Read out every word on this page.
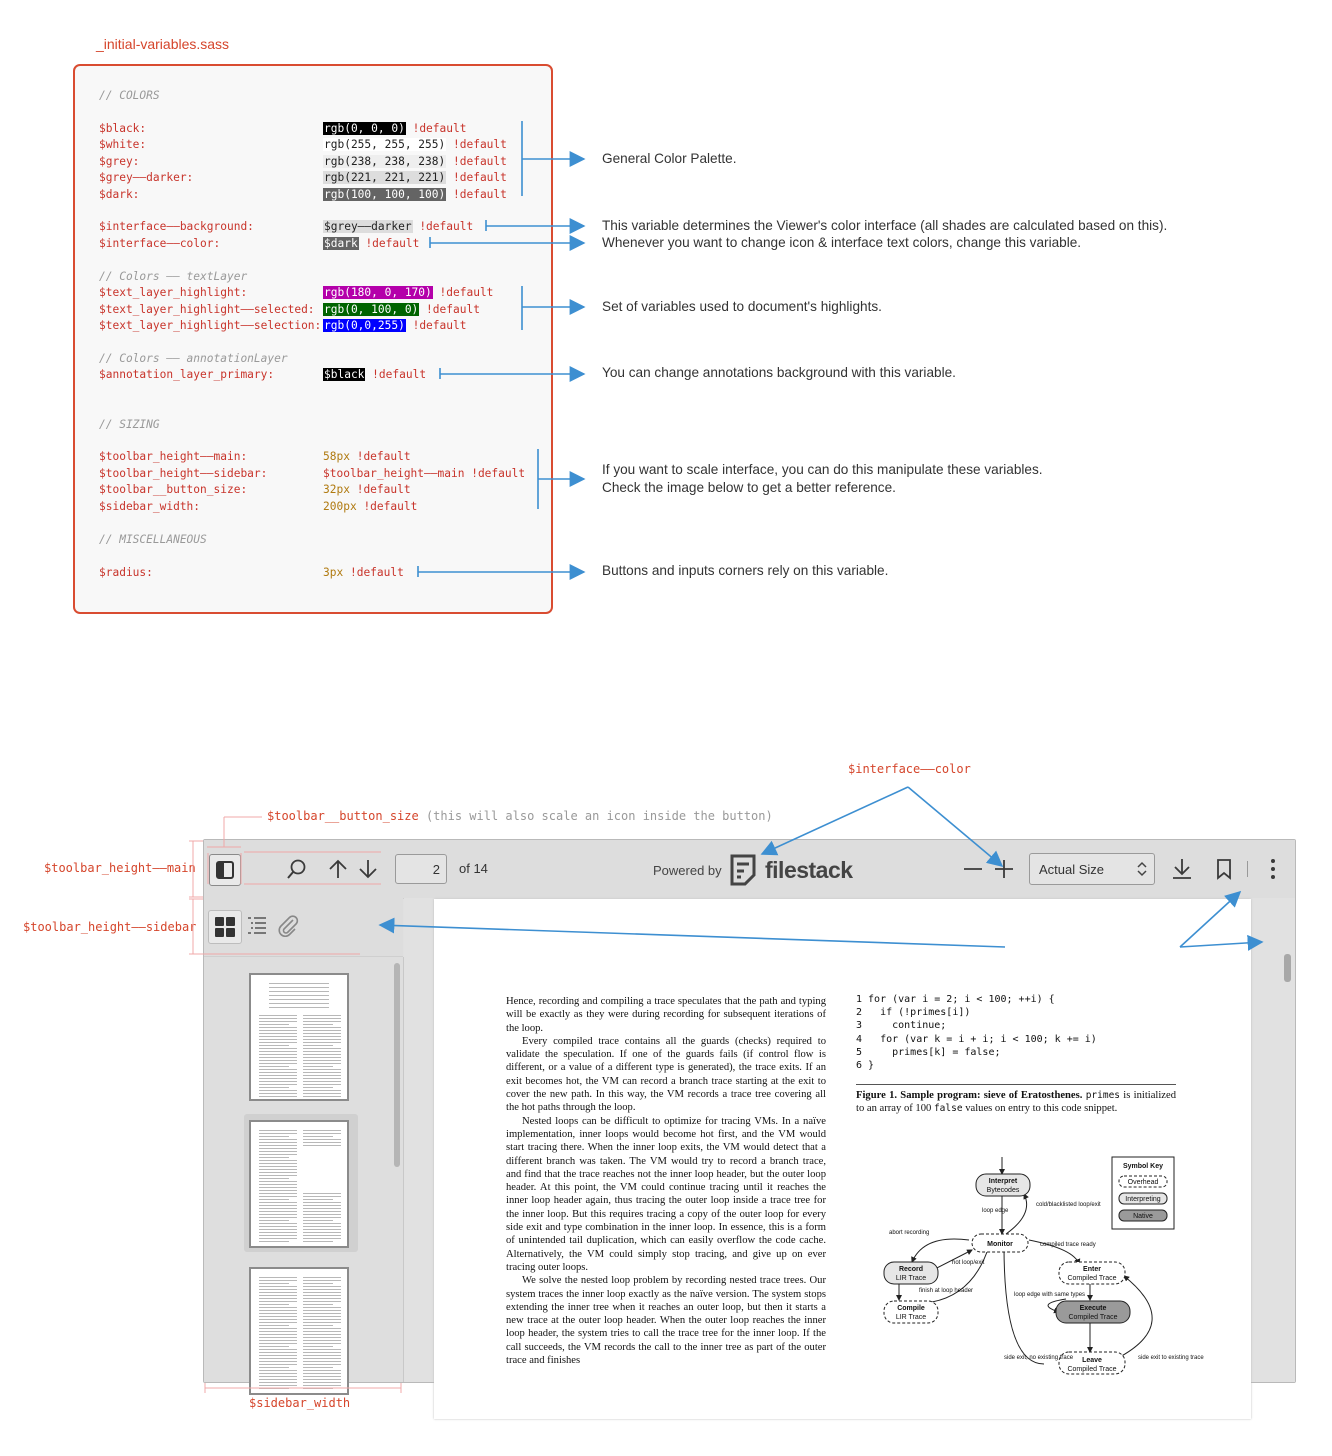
_initial-variables.sass
// COLORS
$black:	rgb(0, 0, 0) !default
$white:	rgb(255, 255, 255) !default
$grey:	rgb(238, 238, 238) !default
$grey––darker:	rgb(221, 221, 221) !default
$dark:	rgb(100, 100, 100) !default
$interface––background:	$grey––darker !default
$interface––color:	$dark !default
// Colors –– textLayer
$text_layer_highlight:	rgb(180, 0, 170) !default
$text_layer_highlight––selected: rgb(0, 100, 0) !default
$text_layer_highlight––selection: rgb(0,0,255) !default
// Colors –– annotationLayer
$annotation_layer_primary:	$black !default
// SIZING
$toolbar_height––main:	58px !default
$toolbar_height––sidebar:	$toolbar_height––main !default
$toolbar__button_size:	32px !default
$sidebar_width:	200px !default
// MISCELLANEOUS
$radius:	3px !default
General Color Palette.
This variable determines the Viewer's color interface (all shades are calculated based on this).
Whenever you want to change icon & interface text colors, change this variable.
Set of variables used to document's highlights.
You can change annotations background with this variable.
If you want to scale interface, you can do this manipulate these variables.
Check the image below to get a better reference.
Buttons and inputs corners rely on this variable.
$interface––color
$toolbar__button_size (this will also scale an icon inside the button)
$toolbar_height––main
$toolbar_height––sidebar
$sidebar_width
2
of 14	Powered by filestack	Actual Size

Hence, recording and compiling a trace speculates that the path and typing will be exactly as they were during recording for subsequent iterations of the loop.

Every compiled trace contains all the guards (checks) required to validate the speculation. If one of the guards fails (if control flow is different, or a value of a different type is generated), the trace exits. If an exit becomes hot, the VM can record a branch trace starting at the exit to cover the new path. In this way, the VM records a trace tree covering all the hot paths through the loop.

Nested loops can be difficult to optimize for tracing VMs. In a naïve implementation, inner loops would become hot first, and the VM would start tracing there. When the inner loop exits, the VM would detect that a different branch was taken. The VM would try to record a branch trace, and find that the trace reaches not the inner loop header, but the outer loop header. At this point, the VM could continue tracing until it reaches the inner loop header again, thus tracing the outer loop inside a trace tree for the inner loop. But this requires tracing a copy of the outer loop for every side exit and type combination in the inner loop. In essence, this is a form of unintended tail duplication, which can easily overflow the code cache. Alternatively, the VM could simply stop tracing, and give up on ever tracing outer loops.

We solve the nested loop problem by recording nested trace trees. Our system traces the inner loop exactly as the naïve version. The system stops extending the inner tree when it reaches an outer loop, but then it starts a new trace at the outer loop header. When the outer loop reaches the inner loop header, the system tries to call the trace tree for the inner loop. If the call succeeds, the VM records the call to the inner tree as part of the outer trace and finishes

1 for (var i = 2; i < 100; ++i) {
2   if (!primes[i])
3     continue;
4   for (var k = i + i; i < 100; k += i)
5     primes[k] = false;
6 }
Figure 1. Sample program: sieve of Eratosthenes. primes is initialized to an array of 100 false values on entry to this code snippet.
Interpret
Bytecodes
Monitor
Record
LIR Trace
Compile
LIR Trace
Enter
Compiled Trace
Execute
Compiled Trace
Leave
Compiled Trace
Symbol Key
Overhead
Interpreting
Native
loop edge
cold/blacklisted loop/exit
abort recording
compiled trace ready
hot loop/exit
finish at loop header
loop edge with same types
side exit, no existing trace	side exit to existing trace
